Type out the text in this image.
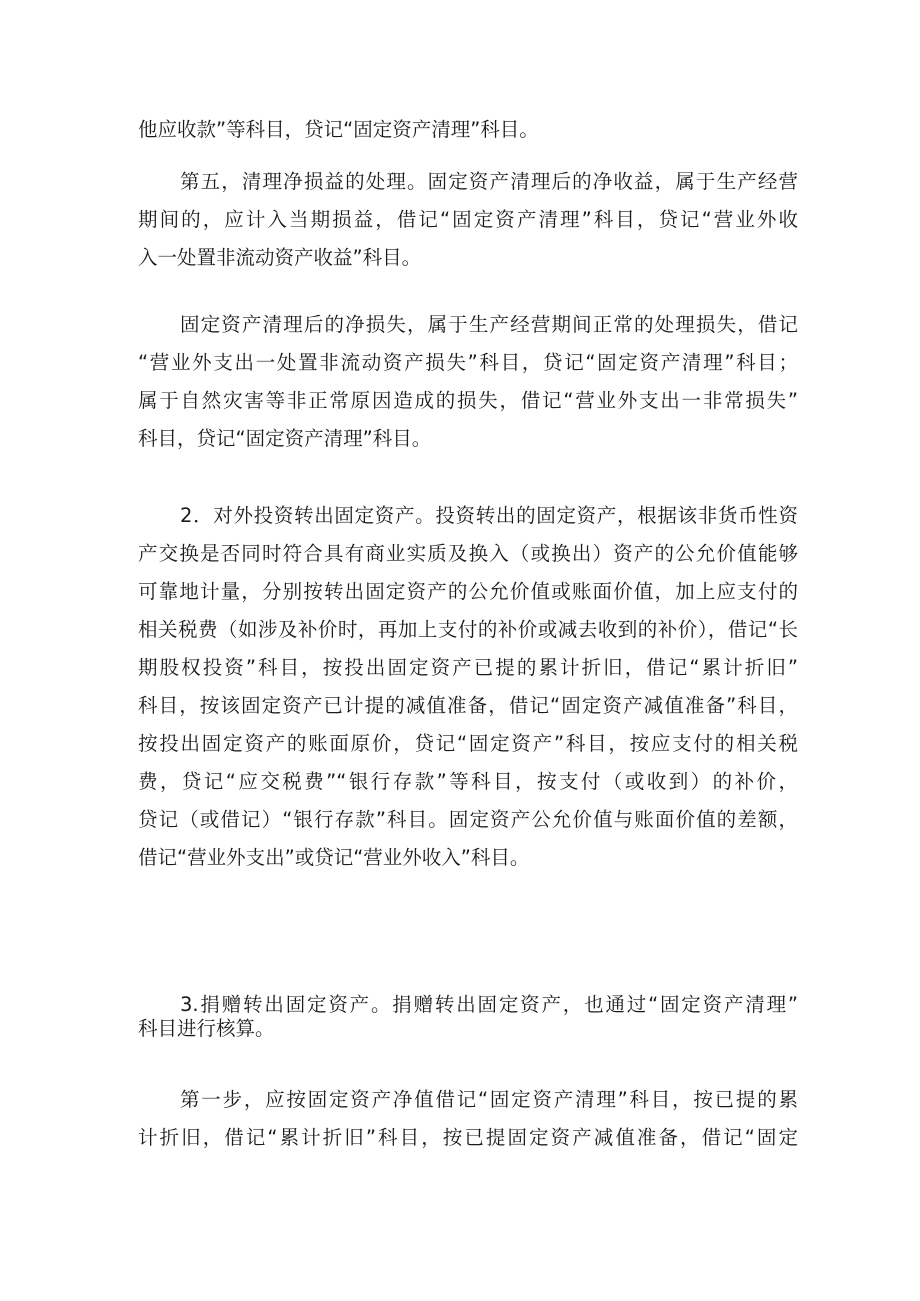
他应收款”等科目，贷记“固定资产清理”科目。
第五，清理净损益的处理。固定资产清理后的净收益，属于生产经营
期间的，应计入当期损益，借记“固定资产清理”科目，贷记“营业外收
入一处置非流动资产收益”科目。
固定资产清理后的净损失，属于生产经营期间正常的处理损失，借记
“营业外支出一处置非流动资产损失”科目，贷记“固定资产清理”科目；
属于自然灾害等非正常原因造成的损失，借记“营业外支出一非常损失”
科目，贷记“固定资产清理”科目。
2．对外投资转出固定资产。投资转出的固定资产，根据该非货币性资
产交换是否同时符合具有商业实质及换入（或换出）资产的公允价值能够
可靠地计量，分别按转出固定资产的公允价值或账面价值，加上应支付的
相关税费（如涉及补价时，再加上支付的补价或减去收到的补价），借记“长
期股权投资”科目，按投出固定资产已提的累计折旧，借记“累计折旧”
科目，按该固定资产已计提的减值准备，借记“固定资产减值准备”科目，
按投出固定资产的账面原价，贷记“固定资产”科目，按应支付的相关税
费，贷记“应交税费”“银行存款”等科目，按支付（或收到）的补价，
贷记（或借记）“银行存款”科目。固定资产公允价值与账面价值的差额，
借记“营业外支出”或贷记“营业外收入”科目。
3.捐赠转出固定资产。捐赠转出固定资产，也通过“固定资产清理”
科目进行核算。
第一步，应按固定资产净值借记“固定资产清理”科目，按已提的累
计折旧，借记“累计折旧”科目，按已提固定资产减值准备，借记“固定
